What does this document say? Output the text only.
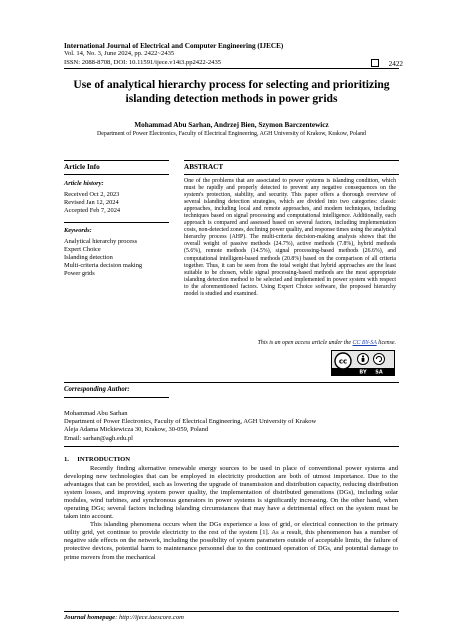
International Journal of Electrical and Computer Engineering (IJECE)
Vol. 14, No. 3, June 2024, pp. 2422~2435
ISSN: 2088-8708, DOI: 10.11591/ijece.v14i3.pp2422-2435	2422
Use of analytical hierarchy process for selecting and prioritizing islanding detection methods in power grids
Mohammad Abu Sarhan, Andrzej Bien, Szymon Barczentewicz
Department of Power Electronics, Faculty of Electrical Engineering, AGH University of Krakow, Krakow, Poland
Article Info	ABSTRACT
Article history:
Received Oct 2, 2023
Revised Jan 12, 2024
Accepted Feb 7, 2024
Keywords:
Analytical hierarchy process
Expert Choice
Islanding detection
Multi-criteria decision making
Power grids
One of the problems that are associated to power systems is islanding condition, which must be rapidly and properly detected to prevent any negative consequences on the system's protection, stability, and security. This paper offers a thorough overview of several islanding detection strategies, which are divided into two categories: classic approaches, including local and remote approaches, and modern techniques, including techniques based on signal processing and computational intelligence. Additionally, each approach is compared and assessed based on several factors, including implementation costs, non-detected zones, declining power quality, and response times using the analytical hierarchy process (AHP). The multi-criteria decision-making analysis shows that the overall weight of passive methods (24.7%), active methods (7.8%), hybrid methods (5.6%), remote methods (14.5%), signal processing-based methods (26.6%), and computational intelligent-based methods (20.8%) based on the comparison of all criteria together. Thus, it can be seen from the total weight that hybrid approaches are the least suitable to be chosen, while signal processing-based methods are the most appropriate islanding detection method to be selected and implemented in power system with respect to the aforementioned factors. Using Expert Choice software, the proposed hierarchy model is studied and examined.
This is an open access article under the CC BY-SA license.
cc
BY SA
Corresponding Author:
Mohammad Abu Sarhan
Department of Power Electronics, Faculty of Electrical Engineering, AGH University of Krakow
Aleja Adama Mickiewicza 30, Krakow, 30-059, Poland
Email: sarhan@agh.edu.pl
1. INTRODUCTION

Recently finding alternative renewable energy sources to be used in place of conventional power systems and developing new technologies that can be employed in electricity production are both of utmost importance. Due to the advantages that can be provided, such as lowering the upgrade of transmission and distribution capacity, reducing distribution system losses, and improving system power quality, the implementation of distributed generations (DGs), including solar modules, wind turbines, and synchronous generators in power systems is significantly increasing. On the other hand, when operating DGs; several factors including islanding circumstances that may have a detrimental effect on the system must be taken into account.

This islanding phenomena occurs when the DGs experience a loss of grid, or electrical connection to the primary utility grid, yet continue to provide electricity to the rest of the system [1]. As a result, this phenomenon has a number of negative side effects on the network, including the possibility of system parameters outside of acceptable limits, the failure of protective devices, potential harm to maintenance personnel due to the continued operation of DGs, and potential damage to prime movers from the mechanical

Journal homepage: http://ijece.iaescore.com
